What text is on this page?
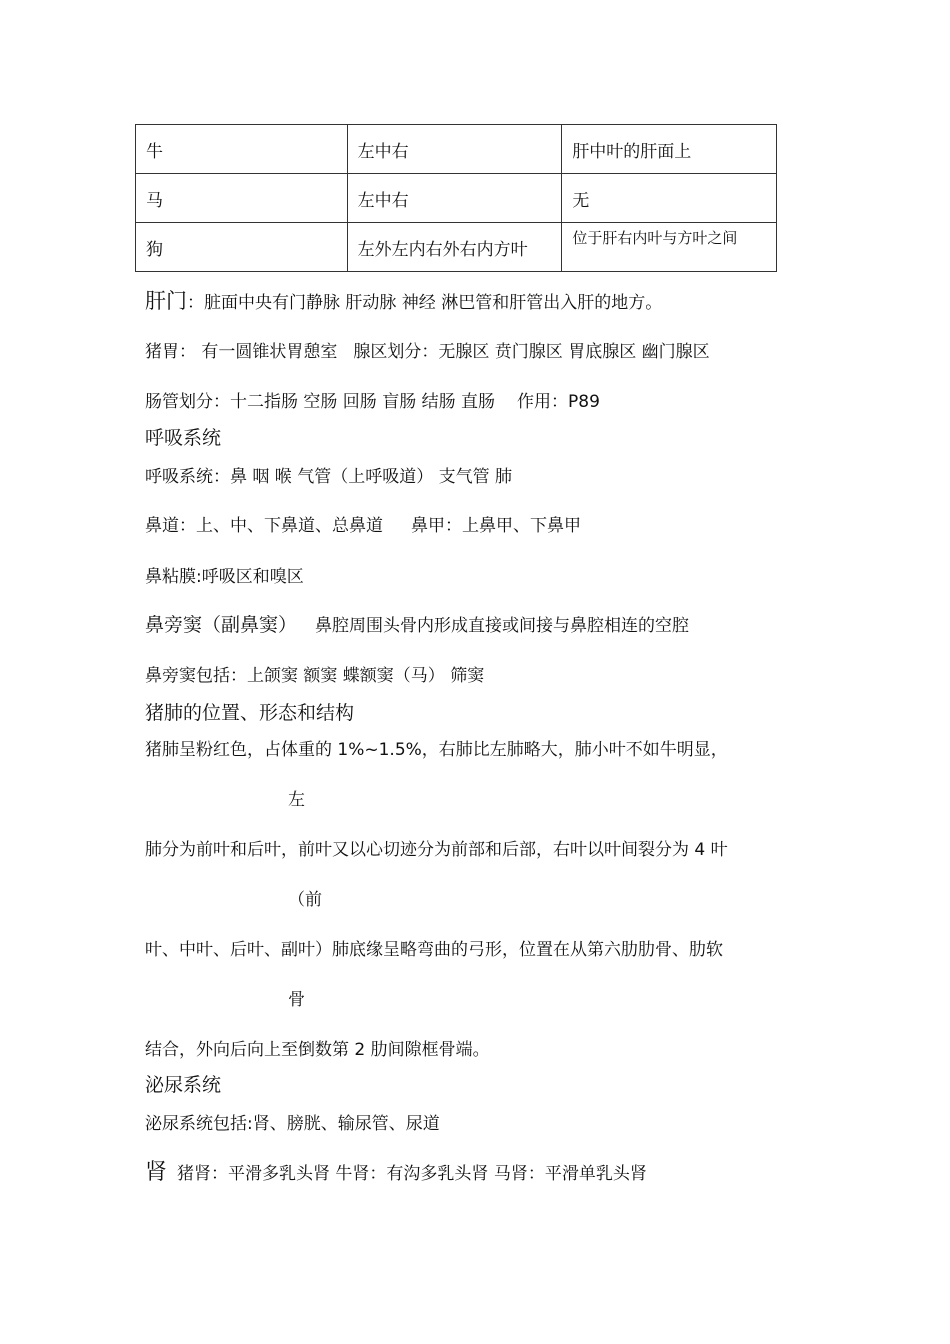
牛	左中右	肝中叶的肝面上
马	左中右	无
狗	左外左内右外右内方叶	位于肝右内叶与方叶之间
肝门：脏面中央有门静脉 肝动脉 神经 淋巴管和肝管出入肝的地方。
猪胃： 有一圆锥状胃憩室 腺区划分：无腺区 贲门腺区 胃底腺区 幽门腺区
肠管划分：十二指肠 空肠 回肠 盲肠 结肠 直肠 作用：P89
呼吸系统
呼吸系统：鼻 咽 喉 气管（上呼吸道） 支气管 肺
鼻道：上、中、下鼻道、总鼻道 鼻甲：上鼻甲、下鼻甲
鼻粘膜:呼吸区和嗅区
鼻旁窦（副鼻窦） 鼻腔周围头骨内形成直接或间接与鼻腔相连的空腔
鼻旁窦包括：上颌窦 额窦 蝶额窦（马） 筛窦
猪肺的位置、形态和结构
猪肺呈粉红色，占体重的 1%~1.5%，右肺比左肺略大，肺小叶不如牛明显，
左
肺分为前叶和后叶，前叶又以心切迹分为前部和后部，右叶以叶间裂分为 4 叶
（前
叶、中叶、后叶、副叶）肺底缘呈略弯曲的弓形，位置在从第六肋肋骨、肋软
骨
结合，外向后向上至倒数第 2 肋间隙框骨端。
泌尿系统
泌尿系统包括:肾、膀胱、输尿管、尿道
肾 猪肾：平滑多乳头肾 牛肾：有沟多乳头肾 马肾：平滑单乳头肾
